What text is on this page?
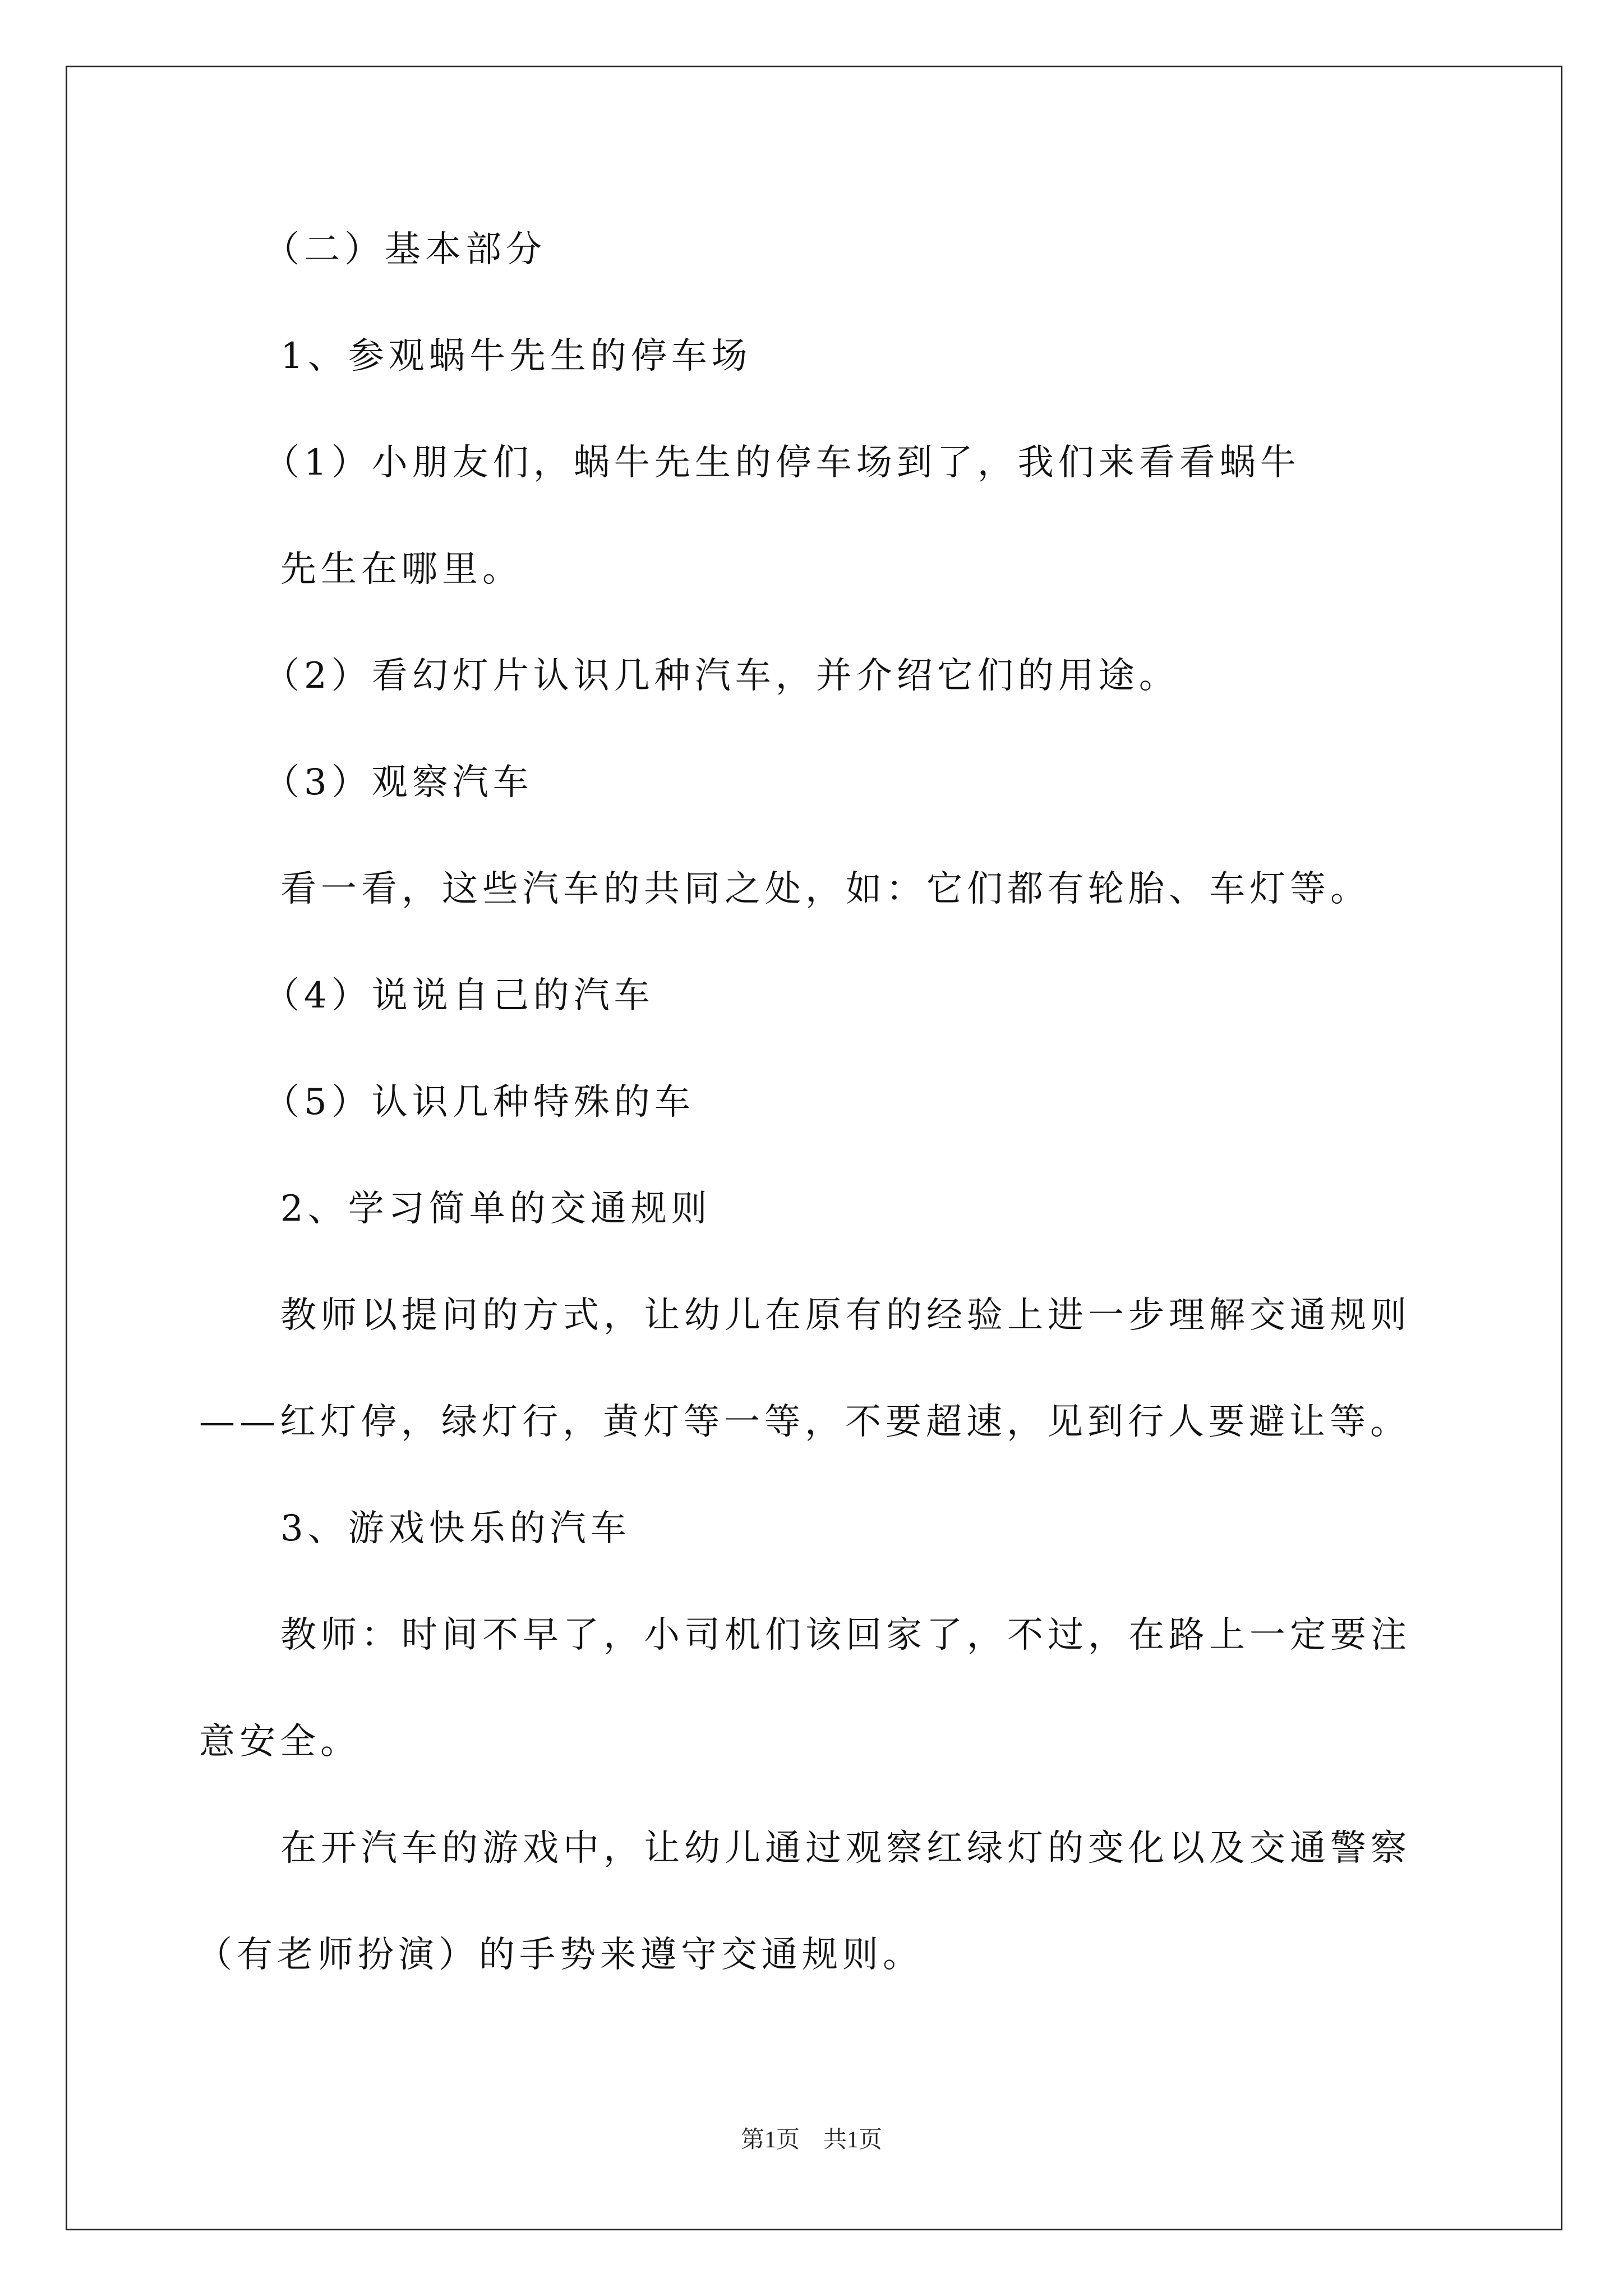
（二）基本部分
1、参观蜗牛先生的停车场
（1）小朋友们，蜗牛先生的停车场到了，我们来看看蜗牛
先生在哪里。
（2）看幻灯片认识几种汽车，并介绍它们的用途。
（3）观察汽车
看一看，这些汽车的共同之处，如：它们都有轮胎、车灯等。
（4）说说自己的汽车
（5）认识几种特殊的车
2、学习简单的交通规则
教师以提问的方式，让幼儿在原有的经验上进一步理解交通规则
——红灯停，绿灯行，黄灯等一等，不要超速，见到行人要避让等。
3、游戏快乐的汽车
教师：时间不早了，小司机们该回家了，不过，在路上一定要注
意安全。
在开汽车的游戏中，让幼儿通过观察红绿灯的变化以及交通警察
（有老师扮演）的手势来遵守交通规则。
第1页　共1页
